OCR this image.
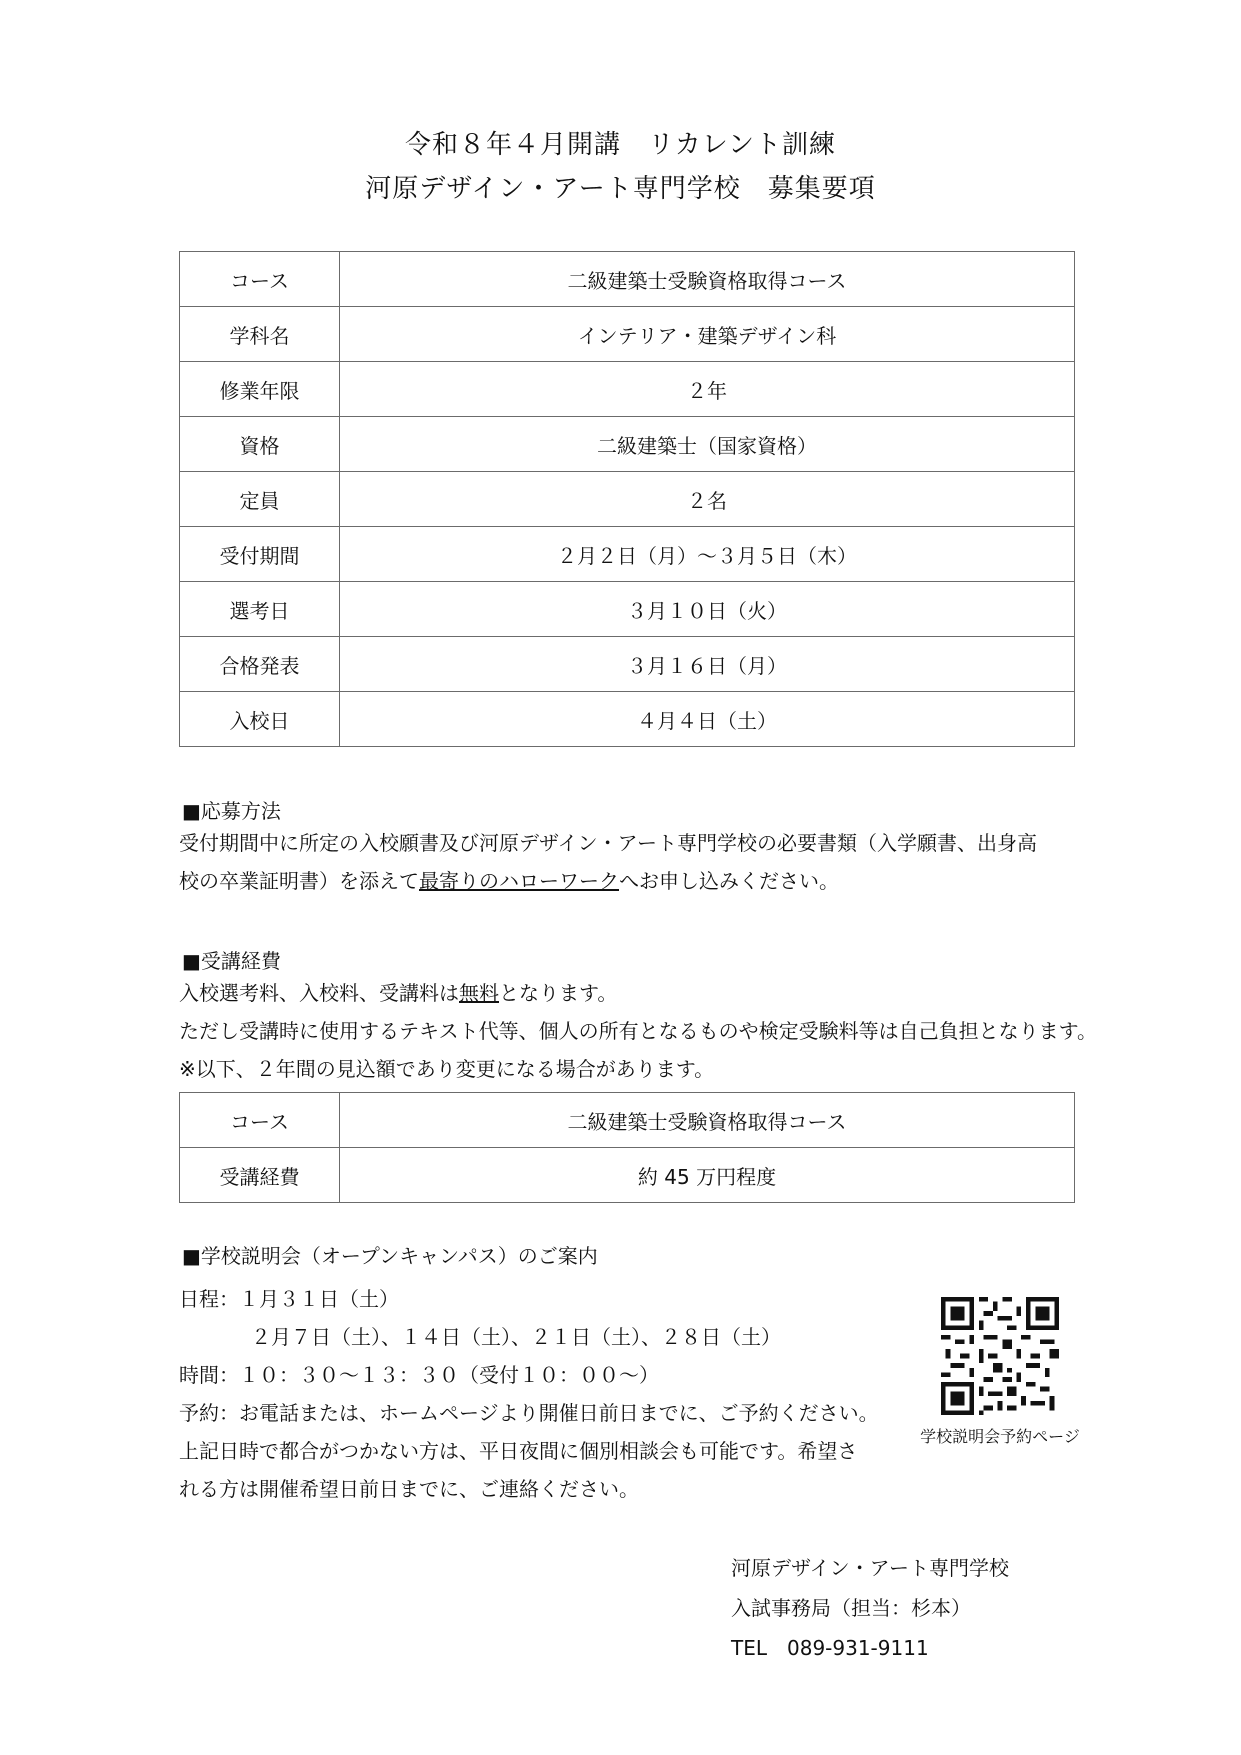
令和８年４月開講　リカレント訓練
河原デザイン・アート専門学校　募集要項
コース	二級建築士受験資格取得コース
学科名	インテリア・建築デザイン科
修業年限	２年
資格	二級建築士（国家資格）
定員	２名
受付期間	２月２日（月）～３月５日（木）
選考日	３月１０日（火）
合格発表	３月１６日（月）
入校日	４月４日（土）
■応募方法
受付期間中に所定の入校願書及び河原デザイン・アート専門学校の必要書類（入学願書、出身高
校の卒業証明書）を添えて最寄りのハローワークへお申し込みください。
■受講経費
入校選考料、入校料、受講料は無料となります。
ただし受講時に使用するテキスト代等、個人の所有となるものや検定受験料等は自己負担となります。
※以下、２年間の見込額であり変更になる場合があります。
コース	二級建築士受験資格取得コース
受講経費	約 45 万円程度
■学校説明会（オープンキャンパス）のご案内
日程：１月３１日（土）
２月７日（土）、１４日（土）、２１日（土）、２８日（土）
時間：１０：３０～１３：３０（受付１０：００～）
予約：お電話または、ホームページより開催日前日までに、ご予約ください。
上記日時で都合がつかない方は、平日夜間に個別相談会も可能です。希望さ
れる方は開催希望日前日までに、ご連絡ください。
学校説明会予約ページ
河原デザイン・アート専門学校
入試事務局（担当：杉本）
TEL　089-931-9111
